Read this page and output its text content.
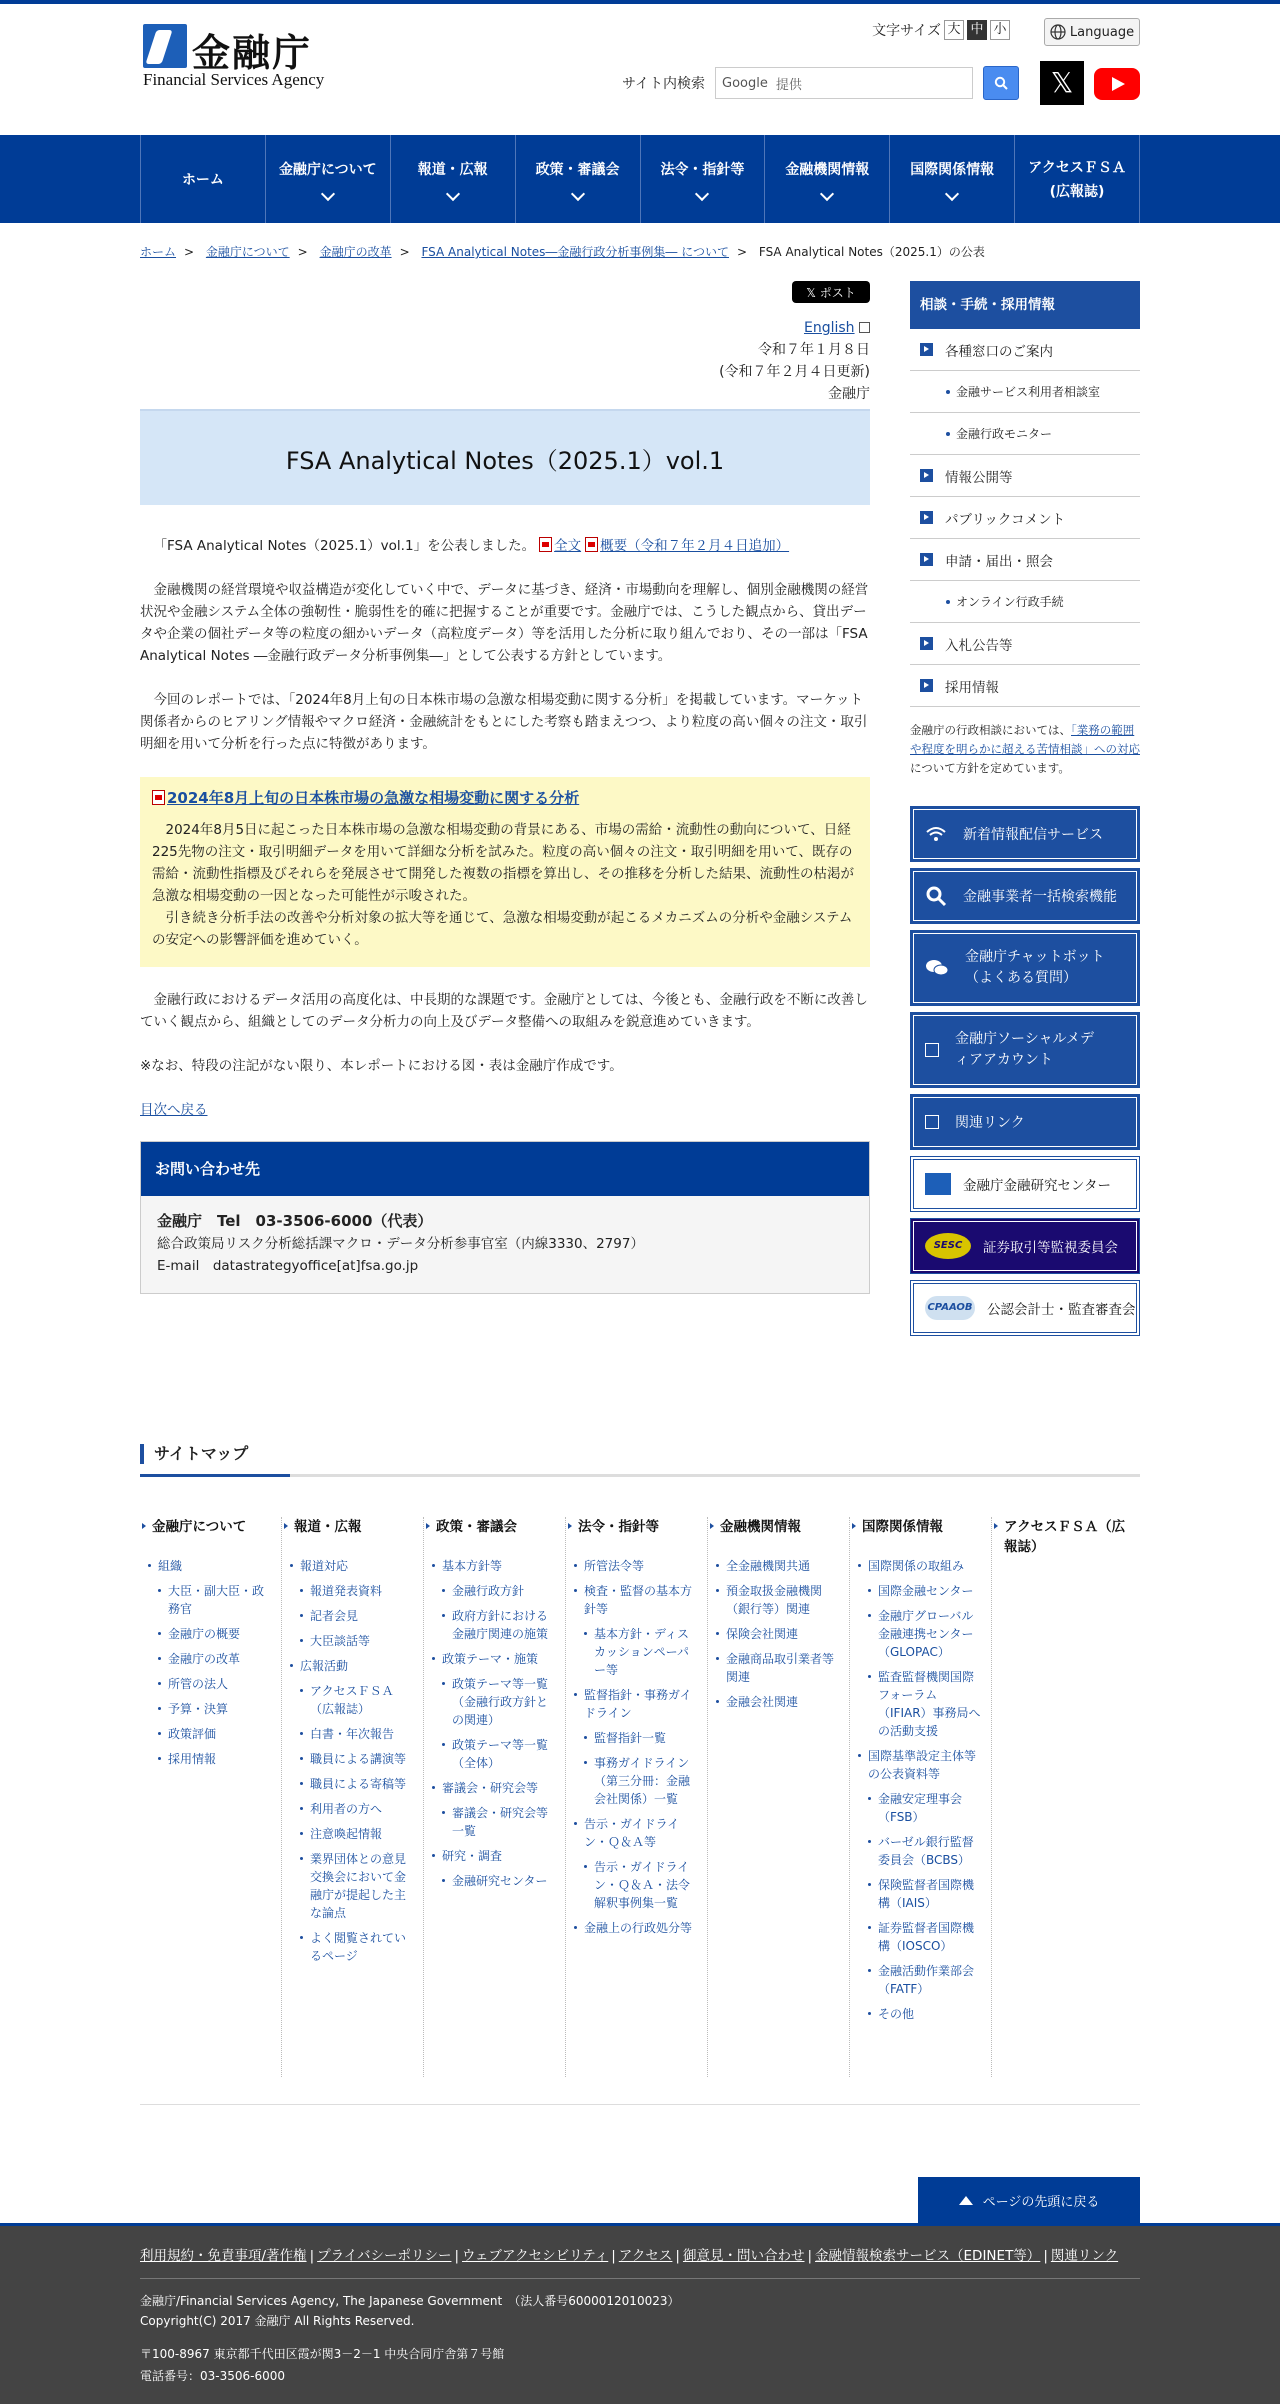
金融庁
Financial Services Agency
文字サイズ 大 中 小	Language
サイト内検索 Google 提供	𝕏
ホーム
金融庁について	報道・広報	政策・審議会	法令・指針等	金融機関情報	国際関係情報 アクセスＦＳＡ
(広報誌)
ホーム > 金融庁について > 金融庁の改革 > FSA Analytical Notes―金融行政分析事例集― について > FSA Analytical Notes（2025.1）の公表
𝕏 ポスト
English
令和７年１月８日
(令和７年２月４日更新)
金融庁
FSA Analytical Notes（2025.1）vol.1

「FSA Analytical Notes（2025.1）vol.1」を公表しました。 全文 概要（令和７年２月４日追加）

金融機関の経営環境や収益構造が変化していく中で、データに基づき、経済・市場動向を理解し、個別金融機関の経営状況や金融システム全体の強靭性・脆弱性を的確に把握することが重要です。金融庁では、こうした観点から、貸出データや企業の個社データ等の粒度の細かいデータ（高粒度データ）等を活用した分析に取り組んでおり、その一部は「FSA Analytical Notes ―金融行政データ分析事例集―」として公表する方針としています。

今回のレポートでは、「2024年8月上旬の日本株市場の急激な相場変動に関する分析」を掲載しています。マーケット関係者からのヒアリング情報やマクロ経済・金融統計をもとにした考察も踏まえつつ、より粒度の高い個々の注文・取引明細を用いて分析を行った点に特徴があります。

2024年8月上旬の日本株市場の急激な相場変動に関する分析

2024年8月5日に起こった日本株市場の急激な相場変動の背景にある、市場の需給・流動性の動向について、日経225先物の注文・取引明細データを用いて詳細な分析を試みた。粒度の高い個々の注文・取引明細を用いて、既存の需給・流動性指標及びそれらを発展させて開発した複数の指標を算出し、その推移を分析した結果、流動性の枯渇が急激な相場変動の一因となった可能性が示唆された。

引き続き分析手法の改善や分析対象の拡大等を通じて、急激な相場変動が起こるメカニズムの分析や金融システムの安定への影響評価を進めていく。

金融行政におけるデータ活用の高度化は、中長期的な課題です。金融庁としては、今後とも、金融行政を不断に改善していく観点から、組織としてのデータ分析力の向上及びデータ整備への取組みを鋭意進めていきます。

※なお、特段の注記がない限り、本レポートにおける図・表は金融庁作成です。

目次へ戻る
お問い合わせ先
金融庁　Tel　03-3506-6000（代表）
総合政策局リスク分析総括課マクロ・データ分析参事官室（内線3330、2797）
E-mail　datastrategyoffice[at]fsa.go.jp
相談・手続・採用情報
各種窓口のご案内
金融サービス利用者相談室
金融行政モニター
情報公開等
パブリックコメント
申請・届出・照会
オンライン行政手続
入札公告等
採用情報
金融庁の行政相談においては、「業務の範囲や程度を明らかに超える苦情相談」への対応について方針を定めています。
新着情報配信サービス
金融事業者一括検索機能
金融庁チャットボット（よくある質問）
金融庁ソーシャルメディアアカウント
関連リンク
金融庁金融研究センター
SESC	証券取引等監視委員会
CPAAOB 公認会計士・監査審査会
サイトマップ
金融庁について
組織
大臣・副大臣・政務官
金融庁の概要
金融庁の改革
所管の法人
予算・決算
政策評価
採用情報
報道・広報
報道対応
報道発表資料
記者会見
大臣談話等
広報活動
アクセスＦＳＡ（広報誌）
白書・年次報告
職員による講演等
職員による寄稿等
利用者の方へ
注意喚起情報
業界団体との意見交換会において金融庁が提起した主な論点
よく閲覧されているページ
政策・審議会
基本方針等
金融行政方針
政府方針における金融庁関連の施策
政策テーマ・施策
政策テーマ等一覧（金融行政方針との関連）
政策テーマ等一覧（全体）
審議会・研究会等
審議会・研究会等一覧
研究・調査
金融研究センター
法令・指針等
所管法令等
検査・監督の基本方針等
基本方針・ディスカッションペーパー等
監督指針・事務ガイドライン
監督指針一覧
事務ガイドライン（第三分冊：金融会社関係）一覧
告示・ガイドライン・Ｑ＆Ａ等
告示・ガイドライン・Ｑ＆Ａ・法令解釈事例集一覧
金融上の行政処分等
金融機関情報
全金融機関共通
預金取扱金融機関（銀行等）関連
保険会社関連
金融商品取引業者等関連
金融会社関連
国際関係情報
国際関係の取組み
国際金融センター
金融庁グローバル金融連携センター（GLOPAC）
監査監督機関国際フォーラム（IFIAR）事務局への活動支援
国際基準設定主体等の公表資料等
金融安定理事会（FSB）
バーゼル銀行監督委員会（BCBS）
保険監督者国際機構（IAIS）
証券監督者国際機構（IOSCO）
金融活動作業部会（FATF）
その他
アクセスＦＳＡ（広報誌）
ページの先頭に戻る
利用規約・免責事項/著作権 | プライバシーポリシー | ウェブアクセシビリティ | アクセス | 御意見・問い合わせ | 金融情報検索サービス（EDINET等） | 関連リンク
金融庁/Financial Services Agency, The Japanese Government　（法人番号6000012010023）
Copyright(C) 2017 金融庁 All Rights Reserved.
〒100-8967 東京都千代田区霞が関3－2－1 中央合同庁舎第７号館
電話番号：03-3506-6000
